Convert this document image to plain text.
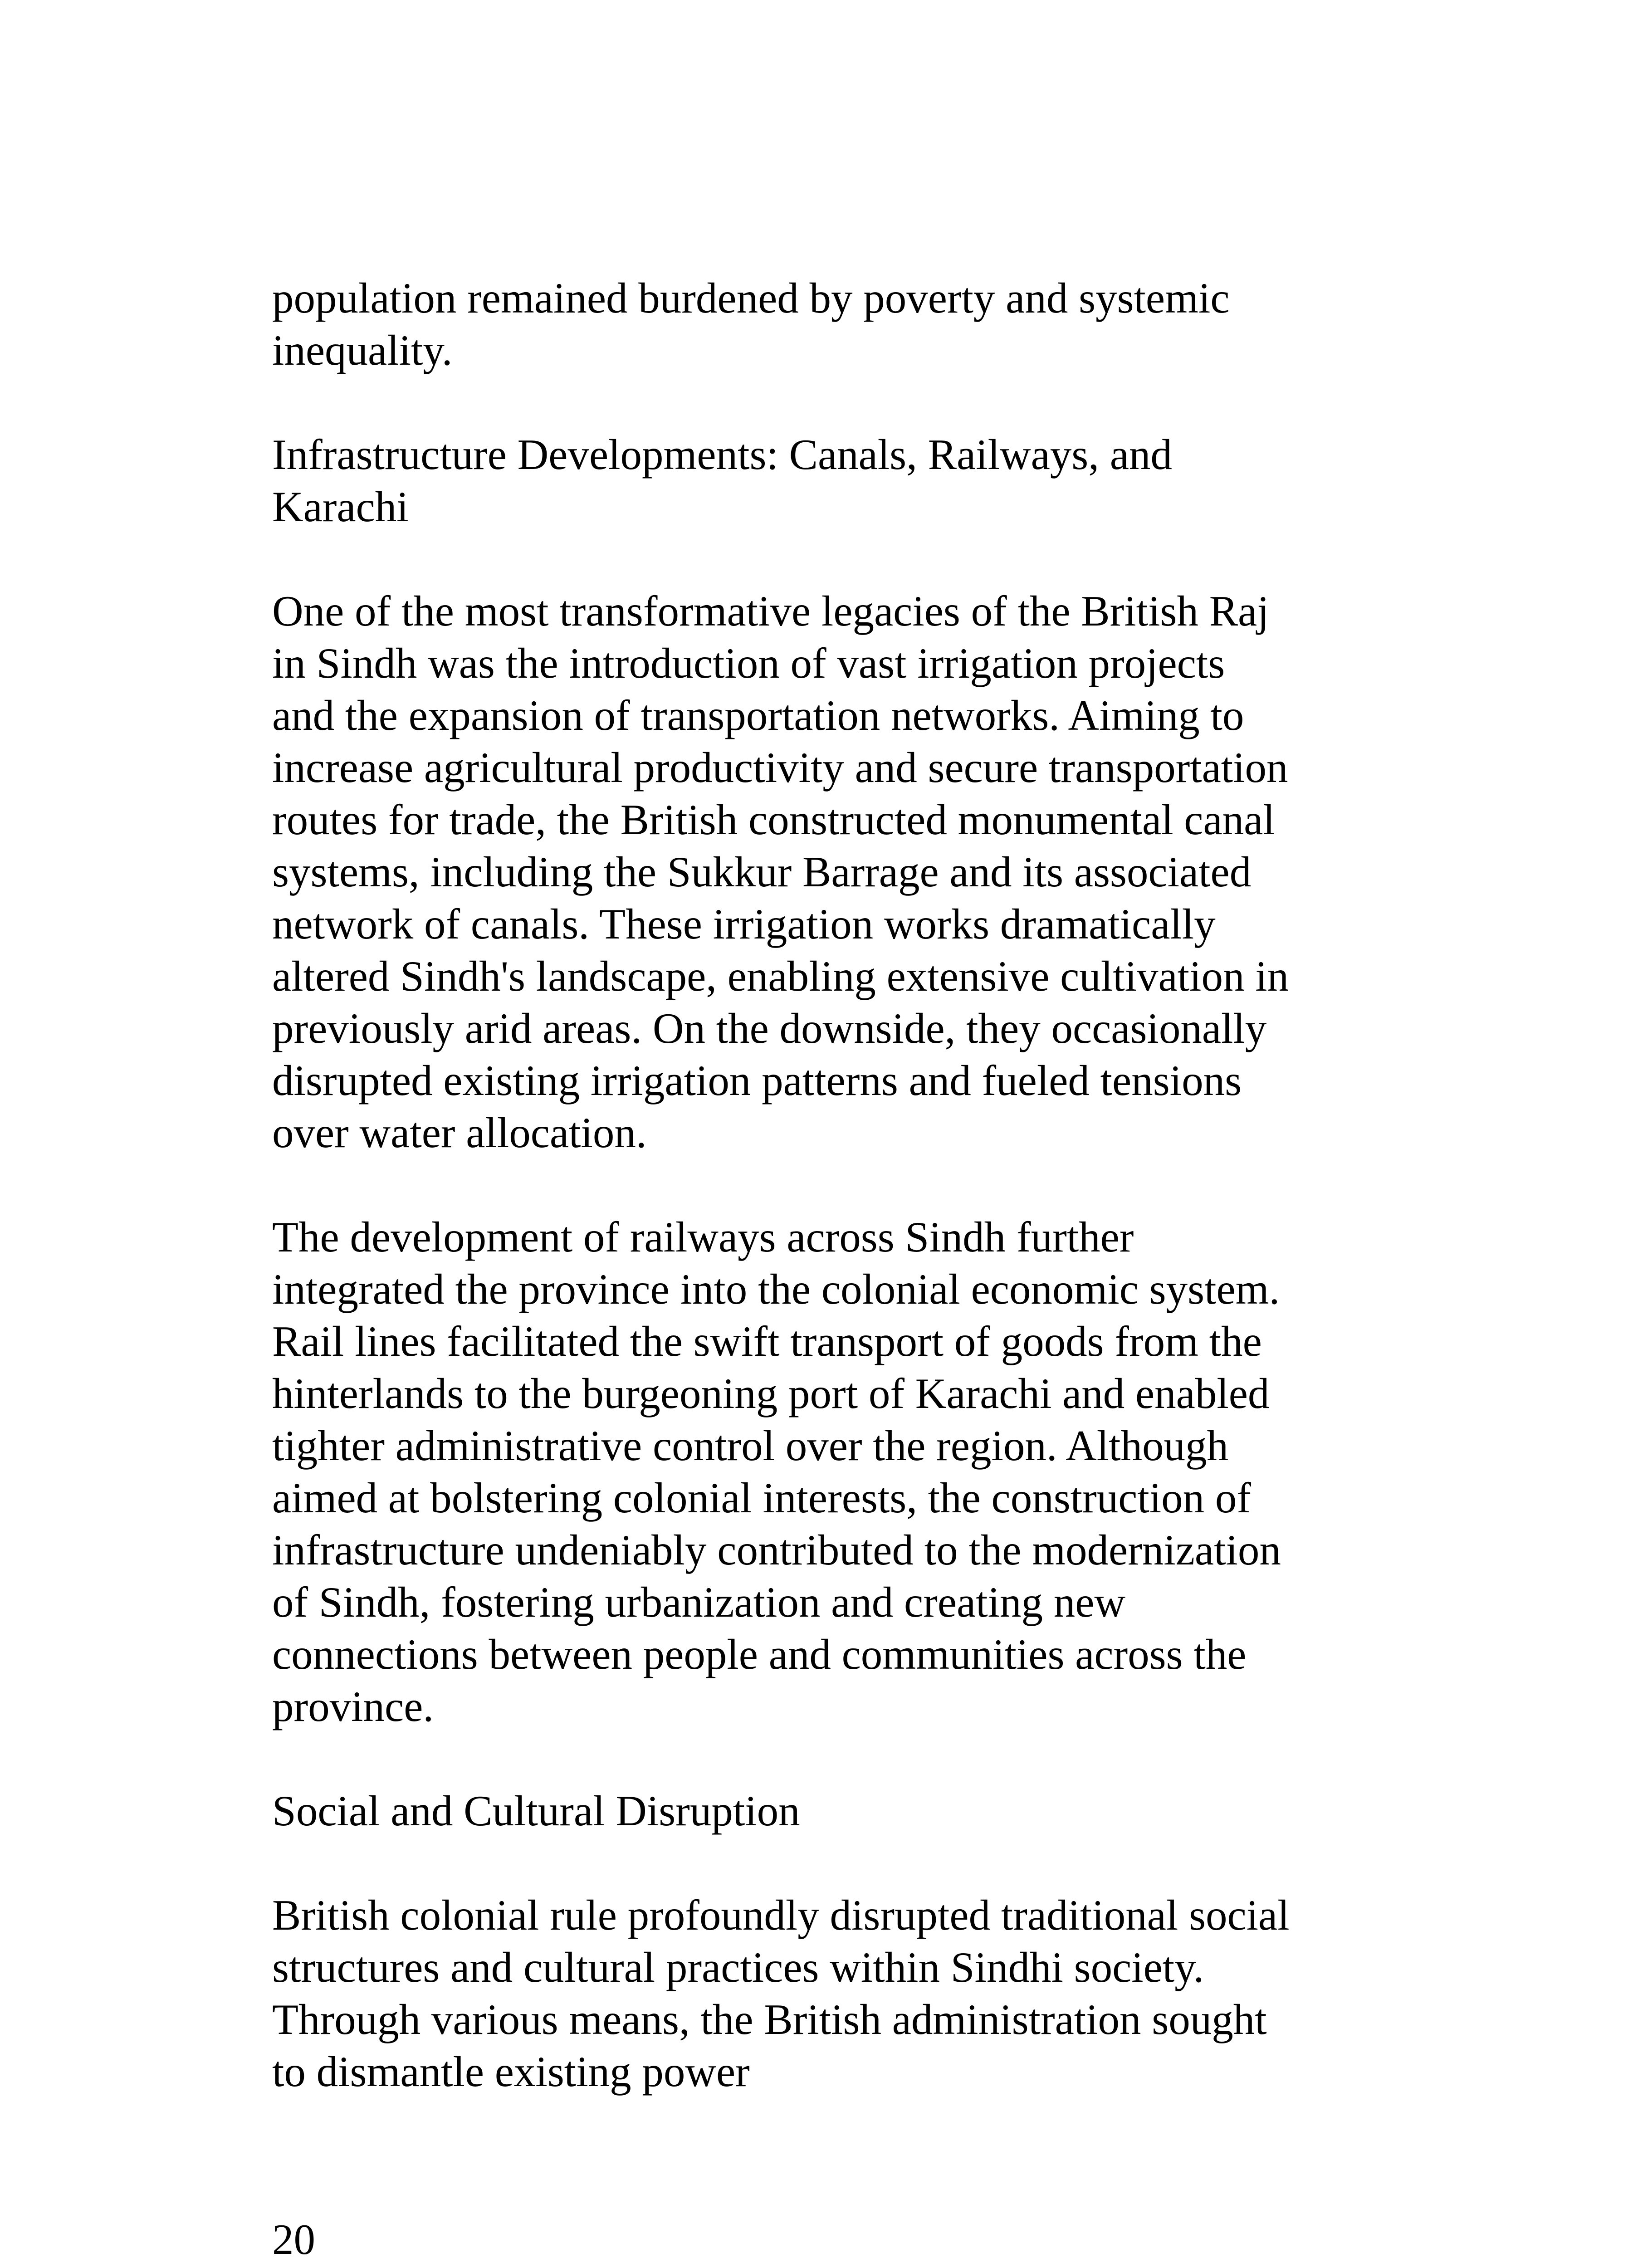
population remained burdened by poverty and systemic inequality.

Infrastructure Developments: Canals, Railways, and Karachi

One of the most transformative legacies of the British Raj in Sindh was the introduction of vast irrigation projects and the expansion of transportation networks. Aiming to increase agricultural productivity and secure transportation routes for trade, the British constructed monumental canal systems, including the Sukkur Barrage and its associated network of canals. These irrigation works dramatically altered Sindh's landscape, enabling extensive cultivation in previously arid areas. On the downside, they occasionally disrupted existing irrigation patterns and fueled tensions over water allocation.

The development of railways across Sindh further integrated the province into the colonial economic system. Rail lines facilitated the swift transport of goods from the hinterlands to the burgeoning port of Karachi and enabled tighter administrative control over the region. Although aimed at bolstering colonial interests, the construction of infrastructure undeniably contributed to the modernization of Sindh, fostering urbanization and creating new connections between people and communities across the province.

Social and Cultural Disruption

British colonial rule profoundly disrupted traditional social structures and cultural practices within Sindhi society.  Through various means, the British administration sought to dismantle existing power

20
